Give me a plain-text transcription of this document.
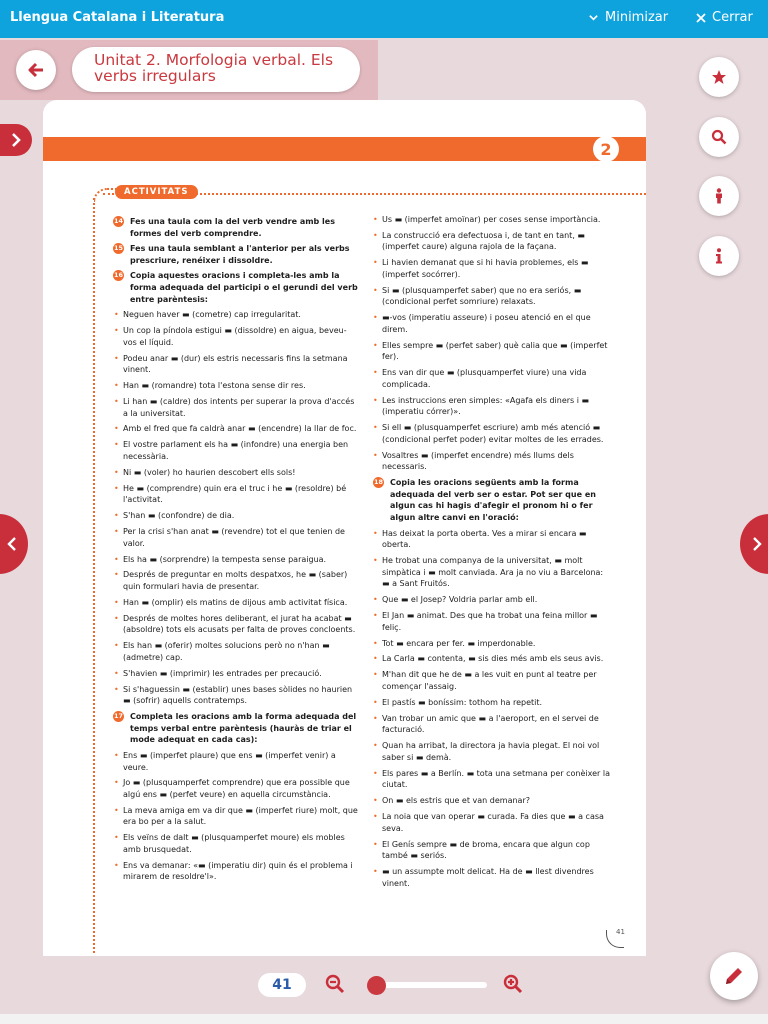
Llengua Catalana i Literatura	Minimizar	Cerrar
Unitat 2. Morfologia verbal. Els verbs irregulars
2
ACTIVITATS
14 Fes una taula com la del verb vendre amb les formes del verb comprendre.
15 Fes una taula semblant a l'anterior per als verbs prescriure, renéixer i dissoldre.
16 Copia aquestes oracions i completa-les amb la forma adequada del participi o el gerundi del verb entre parèntesis:
• Neguen haver ▬ (cometre) cap irregularitat.
• Un cop la píndola estigui ▬ (dissoldre) en aigua, beveu-vos el líquid.
• Podeu anar ▬ (dur) els estris necessaris fins la setmana vinent.
• Han ▬ (romandre) tota l'estona sense dir res.
• Li han ▬ (caldre) dos intents per superar la prova d'accés a la universitat.
• Amb el fred que fa caldrà anar ▬ (encendre) la llar de foc.
• El vostre parlament els ha ▬ (infondre) una energia ben necessària.
• Ni ▬ (voler) ho haurien descobert ells sols!
• He ▬ (comprendre) quin era el truc i he ▬ (resoldre) bé l'activitat.
• S'han ▬ (confondre) de dia.
• Per la crisi s'han anat ▬ (revendre) tot el que tenien de valor.
• Els ha ▬ (sorprendre) la tempesta sense paraigua.
• Després de preguntar en molts despatxos, he ▬ (saber) quin formulari havia de presentar.
• Han ▬ (omplir) els matins de dijous amb activitat física.
• Després de moltes hores deliberant, el jurat ha acabat ▬ (absoldre) tots els acusats per falta de proves concloents.
• Els han ▬ (oferir) moltes solucions però no n'han ▬ (admetre) cap.
• S'havien ▬ (imprimir) les entrades per precaució.
• Si s'haguessin ▬ (establir) unes bases sòlides no haurien ▬ (sofrir) aquells contratemps.
17 Completa les oracions amb la forma adequada del temps verbal entre parèntesis (hauràs de triar el mode adequat en cada cas):
• Ens ▬ (imperfet plaure) que ens ▬ (imperfet venir) a veure.
• Jo ▬ (plusquamperfet comprendre) que era possible que algú ens ▬ (perfet veure) en aquella circumstància.
• La meva amiga em va dir que ▬ (imperfet riure) molt, que era bo per a la salut.
• Els veïns de dalt ▬ (plusquamperfet moure) els mobles amb brusquedat.
• Ens va demanar: «▬ (imperatiu dir) quin és el problema i mirarem de resoldre'l».
• Us ▬ (imperfet amoïnar) per coses sense importància.
• La construcció era defectuosa i, de tant en tant, ▬ (imperfet caure) alguna rajola de la façana.
• Li havien demanat que si hi havia problemes, els ▬ (imperfet socórrer).
• Si ▬ (plusquamperfet saber) que no era seriós, ▬ (condicional perfet somriure) relaxats.
• ▬-vos (imperatiu asseure) i poseu atenció en el que direm.
• Elles sempre ▬ (perfet saber) què calia que ▬ (imperfet fer).
• Ens van dir que ▬ (plusquamperfet viure) una vida complicada.
• Les instruccions eren simples: «Agafa els diners i ▬ (imperatiu córrer)».
• Si ell ▬ (plusquamperfet escriure) amb més atenció ▬ (condicional perfet poder) evitar moltes de les errades.
• Vosaltres ▬ (imperfet encendre) més llums dels necessaris.
18 Copia les oracions següents amb la forma adequada del verb ser o estar. Pot ser que en algun cas hi hagis d'afegir el pronom hi o fer algun altre canvi en l'oració:
• Has deixat la porta oberta. Ves a mirar si encara ▬ oberta.
• He trobat una companya de la universitat, ▬ molt simpàtica i ▬ molt canviada. Ara ja no viu a Barcelona: ▬ a Sant Fruitós.
• Que ▬ el Josep? Voldria parlar amb ell.
• El Jan ▬ animat. Des que ha trobat una feina millor ▬ feliç.
• Tot ▬ encara per fer. ▬ imperdonable.
• La Carla ▬ contenta, ▬ sis dies més amb els seus avis.
• M'han dit que he de ▬ a les vuit en punt al teatre per començar l'assaig.
• El pastís ▬ boníssim: tothom ha repetit.
• Van trobar un amic que ▬ a l'aeroport, en el servei de facturació.
• Quan ha arribat, la directora ja havia plegat. El noi vol saber si ▬ demà.
• Els pares ▬ a Berlín. ▬ tota una setmana per conèixer la ciutat.
• On ▬ els estris que et van demanar?
• La noia que van operar ▬ curada. Fa dies que ▬ a casa seva.
• El Genís sempre ▬ de broma, encara que algun cop també ▬ seriós.
• ▬ un assumpte molt delicat. Ha de ▬ llest divendres vinent.
41
41
